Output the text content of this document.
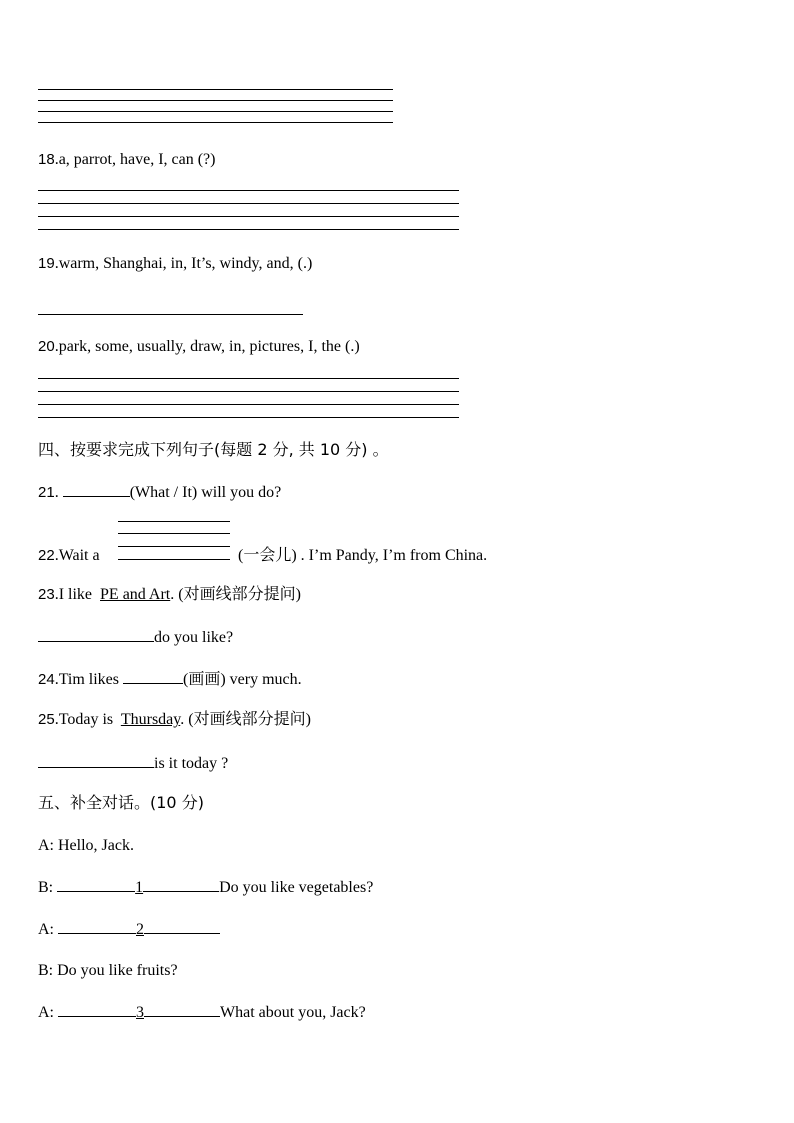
18.a, parrot, have, I, can (?)
19.warm, Shanghai, in, It’s, windy, and, (.)
20.park, some, usually, draw, in, pictures, I, the (.)
四、按要求完成下列句子(每题 2 分, 共 10 分) 。
21.	(What / It) will you do?
22.Wait a	(一会儿) . I’m Pandy, I’m from China.
23.I like PE and Art. (对画线部分提问)
do you like?
24.Tim likes	(画画) very much.
25.Today is Thursday. (对画线部分提问)
is it today ?
五、补全对话。(10 分)
A: Hello, Jack.
B:	1	Do you like vegetables?
A:	2
B: Do you like fruits?
A:	3	What about you, Jack?
